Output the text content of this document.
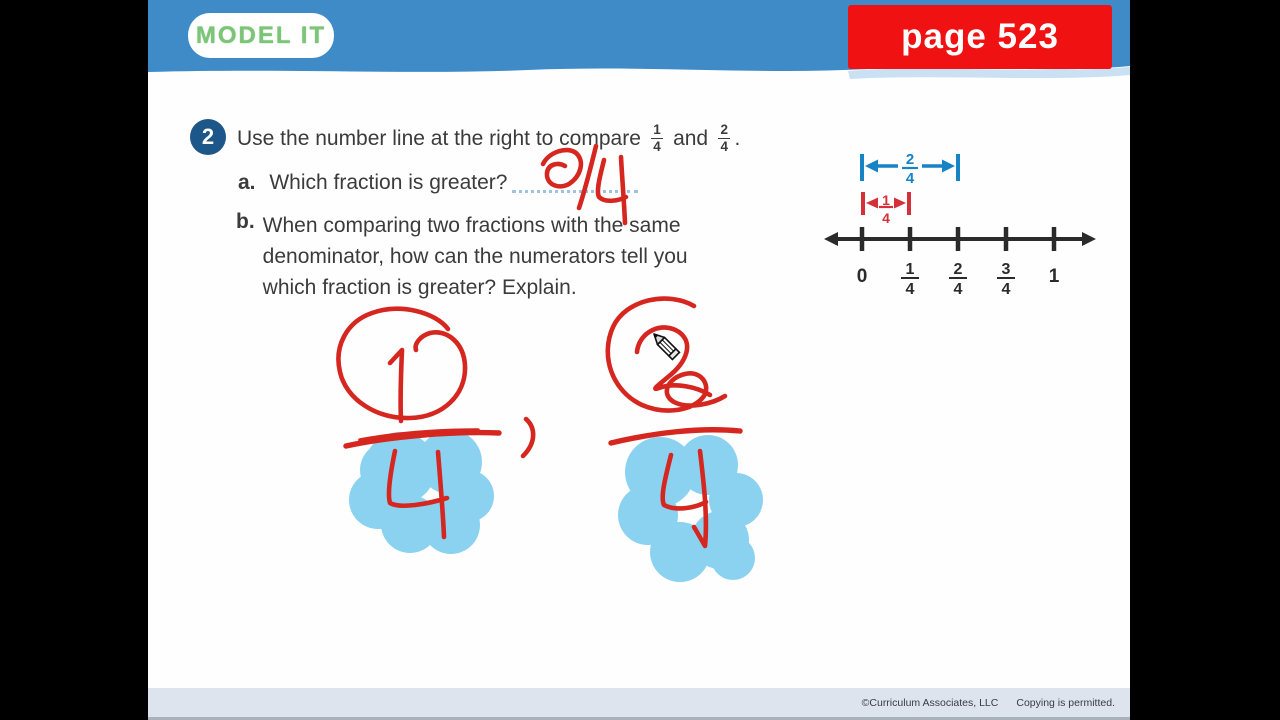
MODEL IT	page 523
2 Use the number line at the right to compare $\frac{1}{4}$ and $\frac{2}{4}$ .
a. Which fraction is greater?
b. When comparing two fractions with the same
denominator, how can the numerators tell you
which fraction is greater? Explain.
2
4
1
4
0 1
4
2
4
3
4
1
©Curriculum Associates, LLC Copying is permitted.
